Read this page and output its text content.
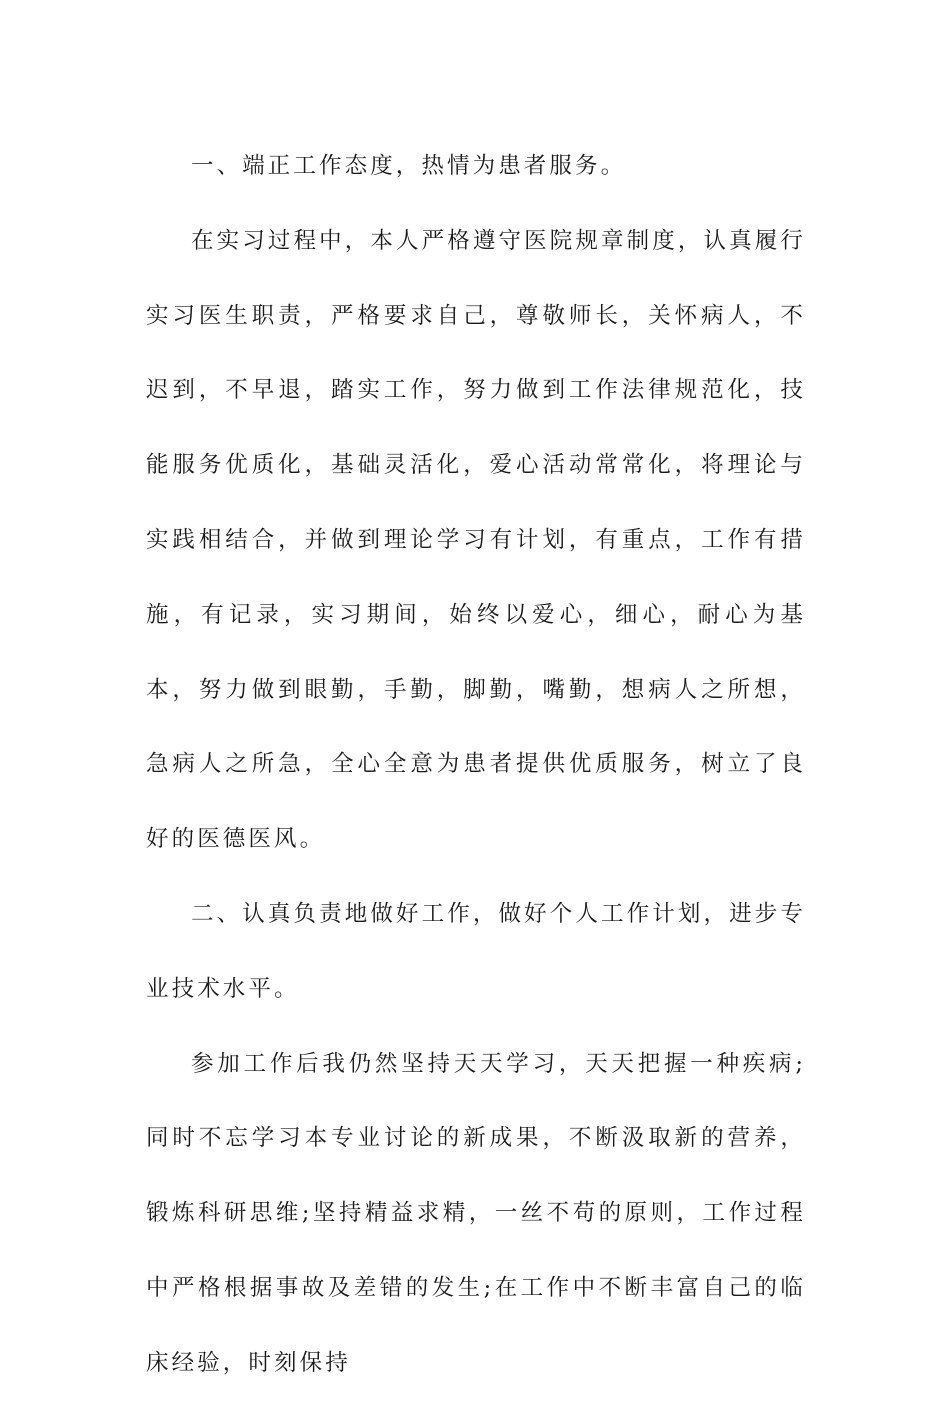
一、端正工作态度，热情为患者服务。

在实习过程中，本人严格遵守医院规章制度，认真履行实习医生职责，严格要求自己，尊敬师长，关怀病人，不迟到，不早退，踏实工作，努力做到工作法律规范化，技能服务优质化，基础灵活化，爱心活动常常化，将理论与实践相结合，并做到理论学习有计划，有重点，工作有措施，有记录，实习期间，始终以爱心，细心，耐心为基本，努力做到眼勤，手勤，脚勤，嘴勤，想病人之所想，急病人之所急，全心全意为患者提供优质服务，树立了良好的医德医风。

二、认真负责地做好工作，做好个人工作计划，进步专业技术水平。

参加工作后我仍然坚持天天学习，天天把握一种疾病;同时不忘学习本专业讨论的新成果，不断汲取新的营养，锻炼科研思维;坚持精益求精，一丝不苟的原则，工作过程中严格根据事故及差错的发生;在工作中不断丰富自己的临床经验，时刻保持
